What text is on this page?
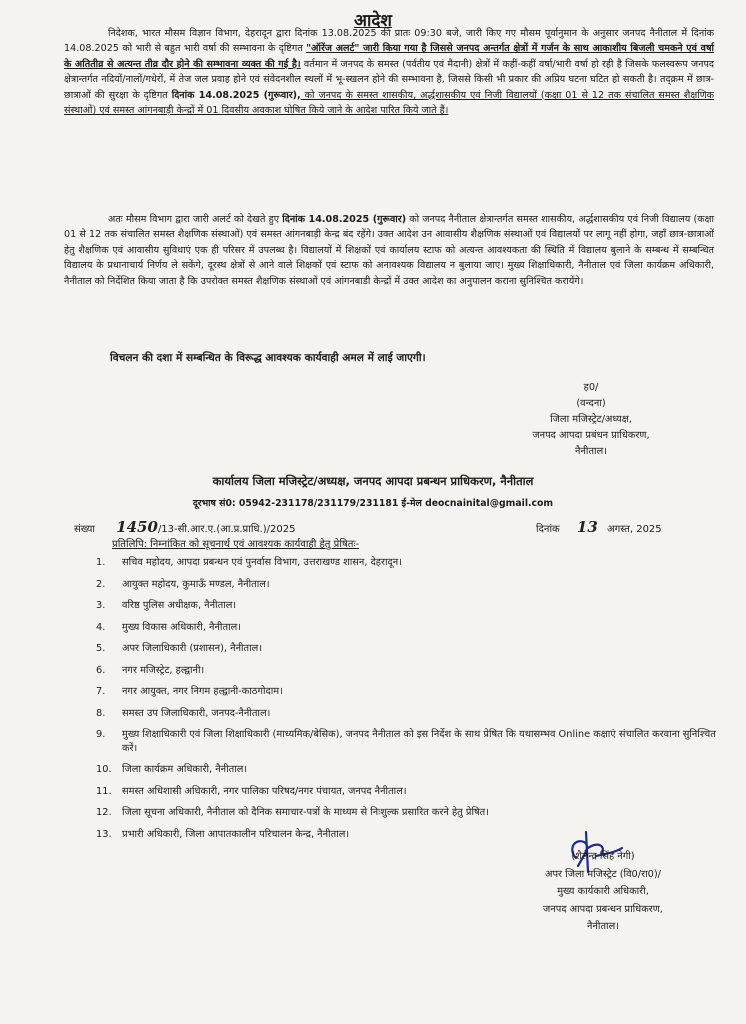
आदेश

निदेशक, भारत मौसम विज्ञान विभाग, देहरादून द्वारा दिनांक 13.08.2025 की प्रातः 09:30 बजे, जारी किए गए मौसम पूर्वानुमान के अनुसार जनपद नैनीताल में दिनांक 14.08.2025 को भारी से बहुत भारी वर्षा की सम्भावना के दृष्टिगत "ऑरेंज अलर्ट" जारी किया गया है जिससे जनपद अन्तर्गत क्षेत्रों में गर्जन के साथ आकाशीय बिजली चमकने एवं वर्षा के अतितीव्र से अत्यन्त तीव्र दौर होने की सम्भावना व्यक्त की गई है। वर्तमान में जनपद के समस्त (पर्वतीय एवं मैदानी) क्षेत्रों में कहीं-कहीं वर्षा/भारी वर्षा हो रही है जिसके फलस्वरूप जनपद क्षेत्रान्तर्गत नदियों/नालों/गधेरों, में तेज जल प्रवाह होने एवं संवेदनशील स्थलों में भू-स्खलन होने की सम्भावना है, जिससे किसी भी प्रकार की अप्रिय घटना घटित हो सकती है। तद्क्रम में छात्र-छात्राओं की सुरक्षा के दृष्टिगत दिनांक 14.08.2025 (गुरूवार), को जनपद के समस्त शासकीय, अर्द्धशासकीय एवं निजी विद्यालयों (कक्षा 01 से 12 तक संचालित समस्त शैक्षणिक संस्थाओं) एवं समस्त आंगनबाड़ी केन्द्रों में 01 दिवसीय अवकाश घोषित किये जाने के आदेश पारित किये जाते हैं।

अतः मौसम विभाग द्वारा जारी अलर्ट को देखते हुए दिनांक 14.08.2025 (गुरूवार) को जनपद नैनीताल क्षेत्रान्तर्गत समस्त शासकीय, अर्द्धशासकीय एवं निजी विद्यालय (कक्षा 01 से 12 तक संचालित समस्त शैक्षणिक संस्थाओं) एवं समस्त आंगनबाड़ी केन्द्र बंद रहेंगे। उक्त आदेश उन आवासीय शैक्षणिक संस्थाओं एवं विद्यालयों पर लागू नहीं होगा, जहाँ छात्र-छात्राओं हेतु शैक्षणिक एवं आवासीय सुविधाएं एक ही परिसर में उपलब्ध है। विद्यालयों में शिक्षकों एवं कार्यालय स्टाफ को अत्यन्त आवश्यकता की स्थिति में विद्यालय बुलाने के सम्बन्ध में सम्बन्धित विद्यालय के प्रधानाचार्य निर्णय ले सकेंगे, दूरस्थ क्षेत्रों से आने वाले शिक्षकों एवं स्टाफ को अनावश्यक विद्यालय न बुलाया जाए। मुख्य शिक्षाधिकारी, नैनीताल एवं जिला कार्यक्रम अधिकारी, नैनीताल को निर्देशित किया जाता है कि उपरोक्त समस्त शैक्षणिक संस्थाओं एवं आंगनबाडी केन्द्रों में उक्त आदेश का अनुपालन कराना सुनिश्चित करायेंगे।

विचलन की दशा में सम्बन्धित के विरूद्ध आवश्यक कार्यवाही अमल में लाई जाएगी।
ह0/
(वन्दना)
जिला मजिस्ट्रेट/अध्यक्ष,
जनपद आपदा प्रबंधन प्राधिकरण,
नैनीताल।
कार्यालय जिला मजिस्ट्रेट/अध्यक्ष, जनपद आपदा प्रबन्धन प्राधिकरण, नैनीताल
दूरभाष सं0: 05942-231178/231179/231181 ई-मेल deocnainital@gmail.com
संख्या 1450/13-सी.आर.ए.(आ.प्र.प्राधि.)/2025	दिनांक 13 अगस्त, 2025
प्रतिलिपि: निम्नांकित को सूचनार्थ एवं आवश्यक कार्यवाही हेतु प्रेषितः-
1.	सचिव महोदय, आपदा प्रबन्धन एवं पुनर्वास विभाग, उत्तराखण्ड शासन, देहरादून।
2.	आयुक्त महोदय, कुमाऊँ मण्डल, नैनीताल।
3.	वरिष्ठ पुलिस अधीक्षक, नैनीताल।
4.	मुख्य विकास अधिकारी, नैनीताल।
5.	अपर जिलाधिकारी (प्रशासन), नैनीताल।
6.	नगर मजिस्ट्रेट, हल्द्वानी।
7.	नगर आयुक्त, नगर निगम हल्द्वानी-काठगोदाम।
8.	समस्त उप जिलाधिकारी, जनपद-नैनीताल।
9.	मुख्य शिक्षाधिकारी एवं जिला शिक्षाधिकारी (माध्यमिक/बेसिक), जनपद नैनीताल को इस निर्देश के साथ प्रेषित कि यथासम्भव Online कक्षाएं संचालित करवाना सुनिश्चित करें।
10.	जिला कार्यक्रम अधिकारी, नैनीताल।
11.	समस्त अधिशासी अधिकारी, नगर पालिका परिषद/नगर पंचायत, जनपद नैनीताल।
12.	जिला सूचना अधिकारी, नैनीताल को दैनिक समाचार-पत्रों के माध्यम से निःशुल्क प्रसारित करने हेतु प्रेषित।
13.	प्रभारी अधिकारी, जिला आपातकालीन परिचालन केन्द्र, नैनीताल।
(शैलेन्द्र सिंह नेगी)
अपर जिला मजिस्ट्रेट (वि0/रा0)/
मुख्य कार्यकारी अधिकारी,
जनपद आपदा प्रबन्धन प्राधिकरण,
नैनीताल।
